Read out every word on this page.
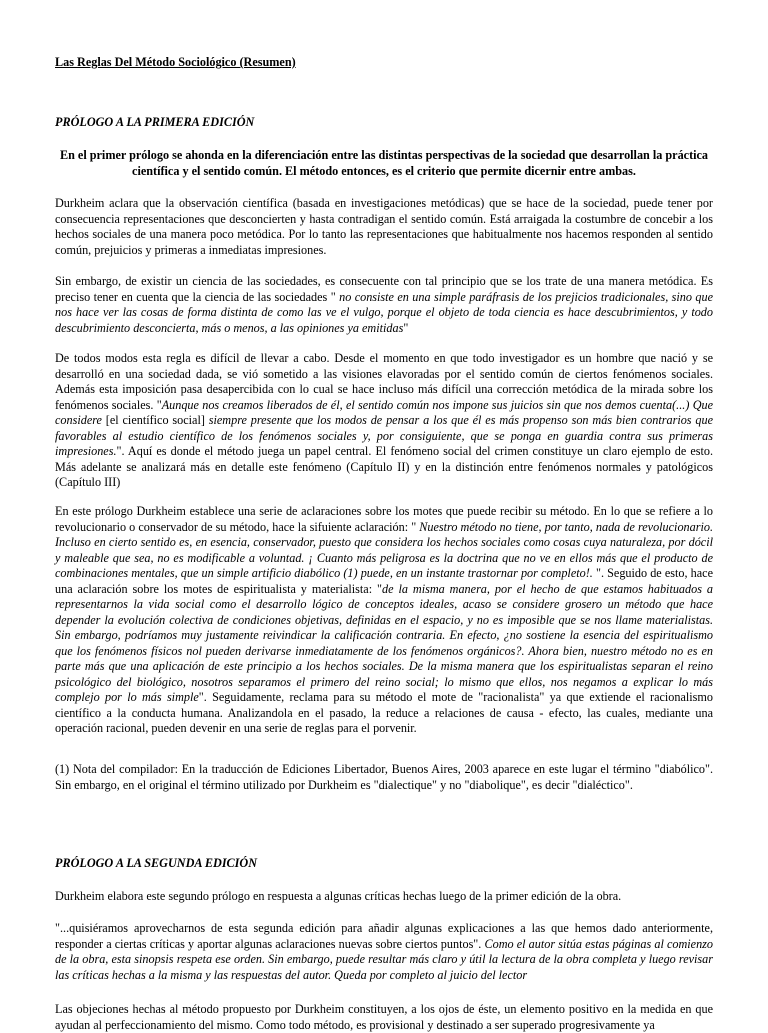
Las Reglas Del Método Sociológico (Resumen)
PRÓLOGO A LA PRIMERA EDICIÓN
En el primer prólogo se ahonda en la diferenciación entre las distintas perspectivas de la sociedad que desarrollan la práctica científica y el sentido común. El método entonces, es el criterio que permite dicernir entre ambas.
Durkheim aclara que la observación científica (basada en investigaciones metódicas) que se hace de la sociedad, puede tener por consecuencia representaciones que desconcierten y hasta contradigan el sentido común. Está arraigada la costumbre de concebir a los hechos sociales de una manera poco metódica. Por lo tanto las representaciones que habitualmente nos hacemos responden al sentido común, prejuicios y primeras a inmediatas impresiones.
Sin embargo, de existir un ciencia de las sociedades, es consecuente con tal principio que se los trate de una manera metódica. Es preciso tener en cuenta que la ciencia de las sociedades " no consiste en una simple paráfrasis de los prejicios tradicionales, sino que nos hace ver las cosas de forma distinta de como las ve el vulgo, porque el objeto de toda ciencia es hace descubrimientos, y todo descubrimiento desconcierta, más o menos, a las opiniones ya emitidas"
De todos modos esta regla es difícil de llevar a cabo. Desde el momento en que todo investigador es un hombre que nació y se desarrolló en una sociedad dada, se vió sometido a las visiones elavoradas por el sentido común de ciertos fenómenos sociales. Además esta imposición pasa desapercibida con lo cual se hace incluso más difícil una corrección metódica de la mirada sobre los fenómenos sociales. "Aunque nos creamos liberados de él, el sentido común nos impone sus juicios sin que nos demos cuenta(...) Que considere [el científico social] siempre presente que los modos de pensar a los que él es más propenso son más bien contrarios que favorables al estudio científico de los fenómenos sociales y, por consiguiente, que se ponga en guardia contra sus primeras impresiones.". Aquí es donde el método juega un papel central. El fenómeno social del crimen constituye un claro ejemplo de esto. Más adelante se analizará más en detalle este fenómeno (Capítulo II) y en la distinción entre fenómenos normales y patológicos (Capítulo III)
En este prólogo Durkheim establece una serie de aclaraciones sobre los motes que puede recibir su método. En lo que se refiere a lo revolucionario o conservador de su método, hace la sifuiente aclaración: " Nuestro método no tiene, por tanto, nada de revolucionario. Incluso en cierto sentido es, en esencia, conservador, puesto que considera los hechos sociales como cosas cuya naturaleza, por dócil y maleable que sea, no es modificable a voluntad. ¡ Cuanto más peligrosa es la doctrina que no ve en ellos más que el producto de combinaciones mentales, que un simple artificio diabólico (1) puede, en un instante trastornar por completo!. ". Seguido de esto, hace una aclaración sobre los motes de espiritualista y materialista: "de la misma manera, por el hecho de que estamos habituados a representarnos la vida social como el desarrollo lógico de conceptos ideales, acaso se considere grosero un método que hace depender la evolución colectiva de condiciones objetivas, definidas en el espacio, y no es imposible que se nos llame materialistas. Sin embargo, podríamos muy justamente reivindicar la calificación contraria. En efecto, ¿no sostiene la esencia del espiritualismo que los fenómenos físicos nol pueden derivarse inmediatamente de los fenómenos orgánicos?. Ahora bien, nuestro método no es en parte más que una aplicación de este principio a los hechos sociales. De la misma manera que los espiritualistas separan el reino psicológico del biológico, nosotros separamos el primero del reino social; lo mismo que ellos, nos negamos a explicar lo más complejo por lo más simple". Seguidamente, reclama para su método el mote de "racionalista" ya que extiende el racionalismo científico a la conducta humana. Analizandola en el pasado, la reduce a relaciones de causa - efecto, las cuales, mediante una operación racional, pueden devenir en una serie de reglas para el porvenir.
(1) Nota del compilador: En la traducción de Ediciones Libertador, Buenos Aires, 2003 aparece en este lugar el término "diabólico". Sin embargo, en el original el término utilizado por Durkheim es "dialectique" y no "diabolique", es decir "dialéctico".
PRÓLOGO A LA SEGUNDA EDICIÓN
Durkheim elabora este segundo prólogo en respuesta a algunas críticas hechas luego de la primer edición de la obra.
"...quisiéramos aprovecharnos de esta segunda edición para añadir algunas explicaciones a las que hemos dado anteriormente, responder a ciertas críticas y aportar algunas aclaraciones nuevas sobre ciertos puntos". Como el autor sitúa estas páginas al comienzo de la obra, esta sinopsis respeta ese orden. Sin embargo, puede resultar más claro y útil la lectura de la obra completa y luego revisar las críticas hechas a la misma y las respuestas del autor. Queda por completo al juicio del lector
Las objeciones hechas al método propuesto por Durkheim constituyen, a los ojos de éste, un elemento positivo en la medida en que ayudan al perfeccionamiento del mismo. Como todo método, es provisional y destinado a ser superado progresivamente ya
